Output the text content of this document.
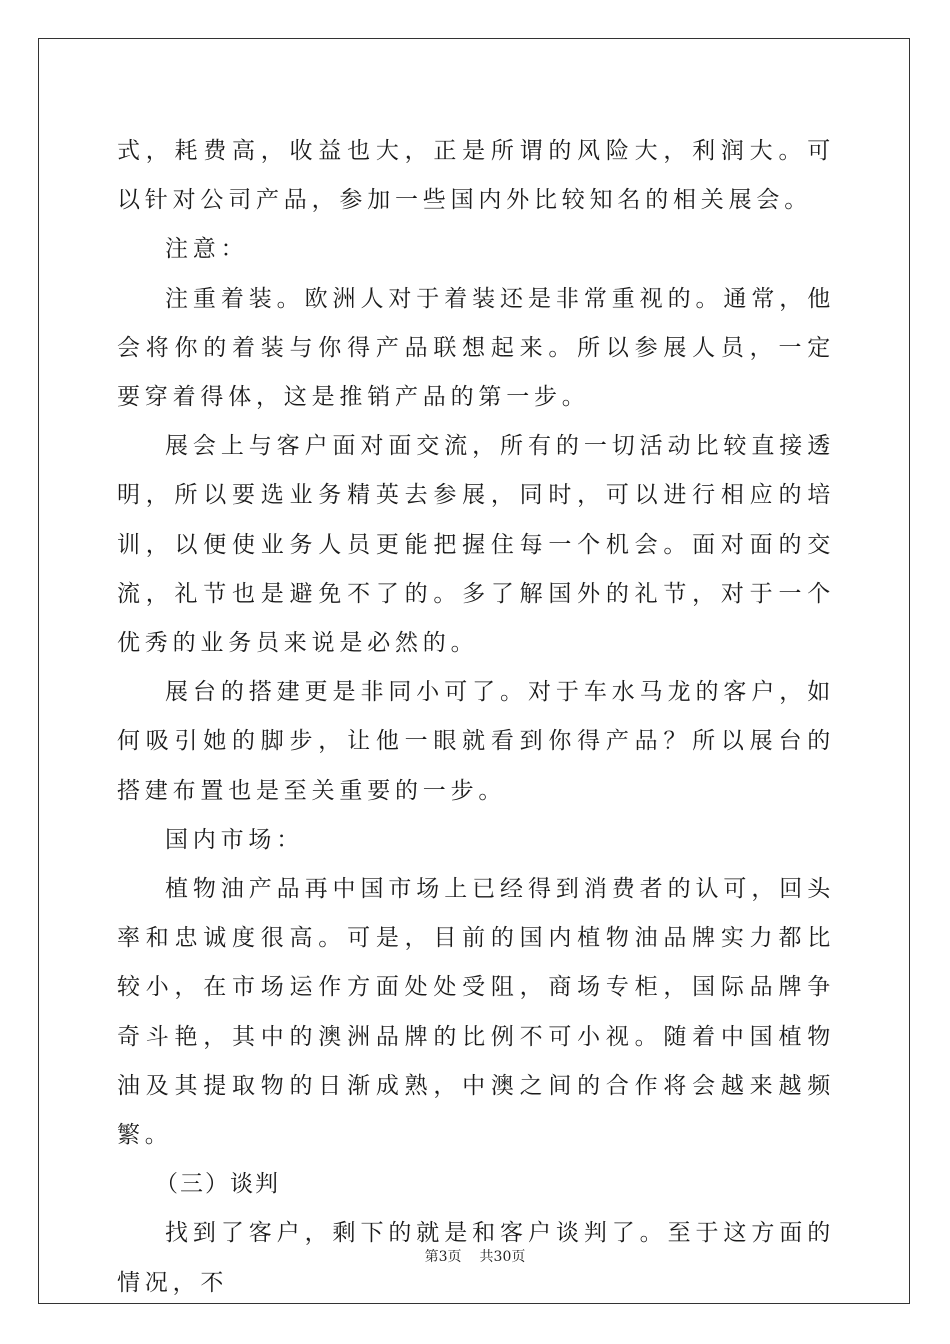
式，耗费高，收益也大，正是所谓的风险大，利润大。可以针对公司产品，参加一些国内外比较知名的相关展会。

注意：

注重着装。欧洲人对于着装还是非常重视的。通常，他会将你的着装与你得产品联想起来。所以参展人员，一定要穿着得体，这是推销产品的第一步。

展会上与客户面对面交流，所有的一切活动比较直接透明，所以要选业务精英去参展，同时，可以进行相应的培训，以便使业务人员更能把握住每一个机会。面对面的交流，礼节也是避免不了的。多了解国外的礼节，对于一个优秀的业务员来说是必然的。

展台的搭建更是非同小可了。对于车水马龙的客户，如何吸引她的脚步，让他一眼就看到你得产品？所以展台的搭建布置也是至关重要的一步。

国内市场：

植物油产品再中国市场上已经得到消费者的认可，回头率和忠诚度很高。可是，目前的国内植物油品牌实力都比较小，在市场运作方面处处受阻，商场专柜，国际品牌争奇斗艳，其中的澳洲品牌的比例不可小视。随着中国植物油及其提取物的日渐成熟，中澳之间的合作将会越来越频繁。

（三）谈判

找到了客户，剩下的就是和客户谈判了。至于这方面的情况，不

第3页 共30页
